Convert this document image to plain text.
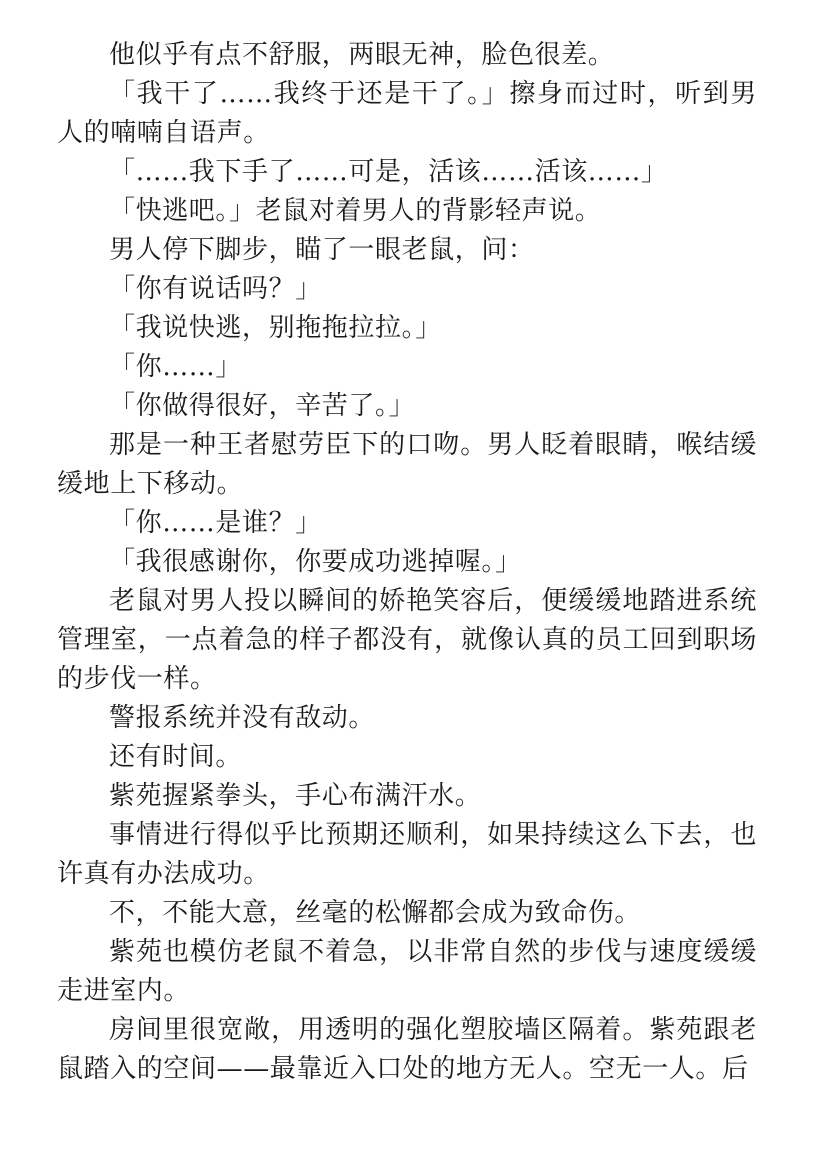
他似乎有点不舒服，两眼无神，脸色很差。

「我干了……我终于还是干了。」擦身而过时，听到男人的喃喃自语声。

「……我下手了……可是，活该……活该……」

「快逃吧。」老鼠对着男人的背影轻声说。

男人停下脚步，瞄了一眼老鼠，问：

「你有说话吗？」

「我说快逃，别拖拖拉拉。」

「你……」

「你做得很好，辛苦了。」

那是一种王者慰劳臣下的口吻。男人眨着眼睛，喉结缓缓地上下移动。

「你……是谁？」

「我很感谢你，你要成功逃掉喔。」

老鼠对男人投以瞬间的娇艳笑容后，便缓缓地踏进系统管理室，一点着急的样子都没有，就像认真的员工回到职场的步伐一样。

警报系统并没有敌动。

还有时间。

紫苑握紧拳头，手心布满汗水。

事情进行得似乎比预期还顺利，如果持续这么下去，也许真有办法成功。

不，不能大意，丝毫的松懈都会成为致命伤。

紫苑也模仿老鼠不着急，以非常自然的步伐与速度缓缓走进室内。

房间里很宽敞，用透明的强化塑胶墙区隔着。紫苑跟老鼠踏入的空间——最靠近入口处的地方无人。空无一人。后
